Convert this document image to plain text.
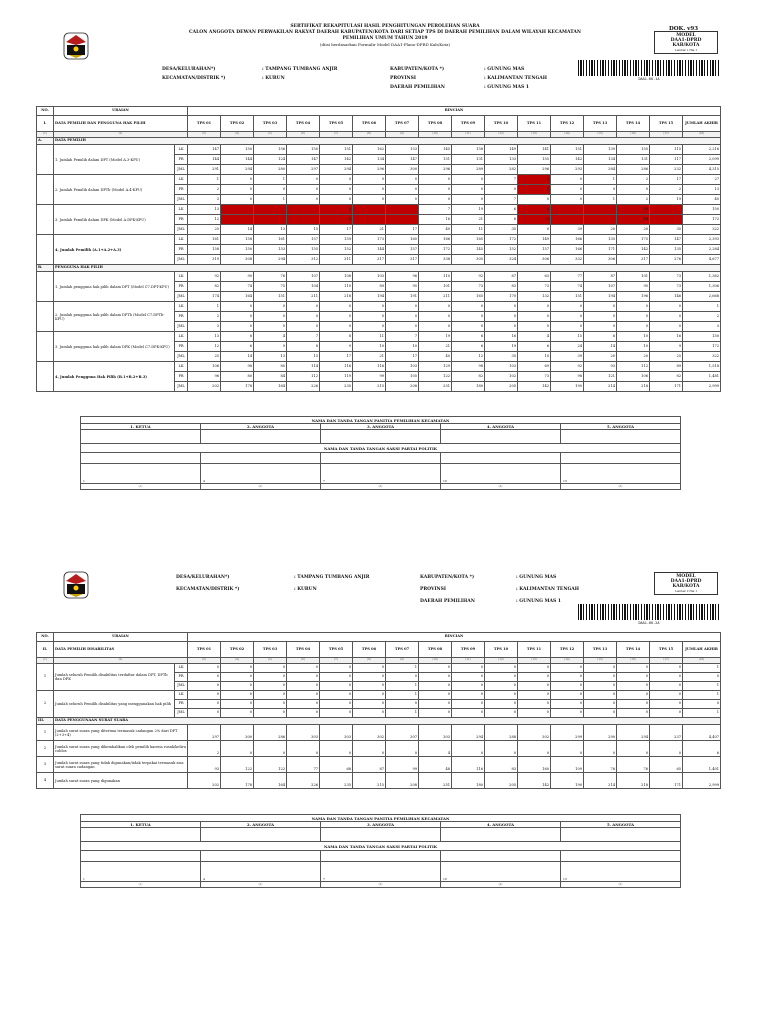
SERTIFIKAT REKAPITULASI HASIL PENGHITUNGAN PEROLEHAN SUARA
CALON ANGGOTA DEWAN PERWAKILAN RAKYAT DAERAH KABUPATEN/KOTA DARI SETIAP TPS DI DAERAH PEMILIHAN DALAM WILAYAH KECAMATAN
PEMILIHAN UMUM TAHUN 2019
(diisi berdasarkan Formulir Model DAA1-Plano-DPRD Kab/Kota)
DOK. v93
MODEL
DAA1-DPRD
KAB/KOTA
Lembar 1 Hal 1
DAA1-KK-1A
DESA/KELURAHAN*)	: TAMPANG TUMBANG ANJIR
KECAMATAN/DISTRIK *)	: KURUN
KABUPATEN/KOTA *)	: GUNUNG MAS
PROVINSI	: KALIMANTAN TENGAH
DAERAH PEMILIHAN	: GUNUNG MAS 1
NO.	URAIAN		RINCIAN															
I.	DATA PEMILIH DAN PENGGUNA HAK PILIH		TPS 01	TPS 02	TPS 03	TPS 04	TPS 05	TPS 06	TPS 07	TPS 08	TPS 09	TPS 10	TPS 11	TPS 12	TPS 13	TPS 14	TPS 15	JUMLAH AKHIR
(1)	(2)		(3)	(4)	(5)	(6)	(7)	(8)	(9)	(10)	(11)	(12)	(13)	(14)	(15)	(16)	(17)	(18)
A.	DATA PEMILIH																	
	1. Jumlah Pemilih dalam DPT (Model A.3-KPU)	LK	147	150	156	150	151	162	153	145	158	149	141	151	139	155	115	2,216
		PR	144	144	124	147	142	134	147	151	131	133	155	142	134	131	117	2,099
		JML	291	294	280	297	294	296	300	296	289	282	296	293	284	286	232	4,315
	2. Jumlah Pemilih dalam DPTb (Model A.4-KPU)	LK	1	0	1	0	0	0	0	0	0	7	0	0	1	2	17	27
		PR	2	0	0	0	0	0	0	0	0	0	0	0	0	0	2	13
		JML	3	0	1	0	0	0	0	0	0	7	0	0	1	2	19	40
	3. Jumlah Pemilih dalam DPK (Model A.DPK-KPU)	LK	13				8			7	19	6	16			16		150
		PR	12				9			16	21	6	19			16		172
		JML	25	14	13	15	17	21	17	40	11	35	0	39	20	20	35	322
	4. Jumlah Pemilih (A.1+A.2+A.3)	LK	161	158	161	157	159	173	160	166	165	172	149	166	135	175	147	2,393
		PR	158	150	133	155	152	144	157	172	145	152	157	166	171	142	135	2,284
		JML	319	308	294	312	311	317	317	338	305	324	306	332	306	317	276	4,677
B.	PENGGUNA HAK PILIH																	
	1. Jumlah pengguna hak pilih dalam DPT (Model C7.DPT-KPU)	LK	92	90	76	107	108	103	96	110	92	87	63	77	87	101	73	1,362
		PR	82	74	75	104	110	89	95	101	73	83	73	74	107	95	73	1,306
		JML	174	164	151	211	218	194	191	211	165	170	132	151	194	196	146	2,668
	2. Jumlah pengguna hak pilih dalam DPTb (Model C7.DPTb-KPU)	LK	1	0	0	0	0	0	0	0	0	0	0	0	0	0	0	1
		PR	2	0	0	0	0	0	0	0	0	0	0	0	0	0	0	2
		JML	3	0	0	0	0	0	0	0	0	0	0	0	0	0	0	3
	3. Jumlah pengguna hak pilih dalam DPK (Model C7.DPK-KPU)	LK	13	8	4	7	8	11	7	19	6	16	4	15	6	10	16	150
		PR	12	6	9	8	9	10	10	21	6	19	6	24	14	10	9	172
		JML	25	14	13	15	17	21	17	40	12	35	10	39	20	20	25	322
	4. Jumlah Pengguna Hak Pilih (B.1+B.2+B.3)	LK	106	98	80	114	116	116	103	129	98	103	69	92	93	112	89	1,518
		PR	96	80	84	112	119	99	105	122	82	102	73	98	121	106	82	1,481
		JML	202	178	164	226	235	215	208	251	180	205	142	190	214	218	171	2,999
NAMA DAN TANDA TANGAN PANITIA PEMILIHAN KECAMATAN				
1. KETUA	2. ANGGOTA	3. ANGGOTA	4. ANGGOTA	5. ANGGOTA

NAMA DAN TANDA TANGAN SAKSI PARTAI POLITIK				

1	4	7	10	13
(1)	(2)	(3)	(4)	(5)
DESA/KELURAHAN*)	: TAMPANG TUMBANG ANJIR
KECAMATAN/DISTRIK *)	: KURUN
KABUPATEN/KOTA *)	: GUNUNG MAS
PROVINSI	: KALIMANTAN TENGAH
DAERAH PEMILIHAN	: GUNUNG MAS 1
MODEL
DAA1-DPRD
KAB/KOTA
Lembar 2 Hal 1
DAA1-KK-2A
NO.	URAIAN		RINCIAN															
II.	DATA PEMILIH DISABILITAS		TPS 01	TPS 02	TPS 03	TPS 04	TPS 05	TPS 06	TPS 07	TPS 08	TPS 09	TPS 10	TPS 11	TPS 12	TPS 13	TPS 14	TPS 15	JUMLAH AKHIR
(1)	(2)		(3)	(4)	(5)	(6)	(7)	(8)	(9)	(10)	(11)	(12)	(13)	(14)	(15)	(16)	(17)	(18)
1	Jumlah seluruh Pemilih disabilitas terdaftar dalam DPT, DPTb dan DPK	LK	0	0	0	0	0	0	1	0	0	0	0	0	0	0	0	1
		PR	0	0	0	0	0	0	0	0	0	0	0	0	0	0	0	0
		JML	0	0	0	0	0	0	1	0	0	0	0	0	0	0	0	1
2	Jumlah seluruh Pemilih disabilitas yang menggunakan hak pilih	LK	0	0	0	0	0	0	1	0	0	0	0	0	0	0	0	1
		PR	0	0	0	0	0	0	0	0	0	0	0	0	0	0	0	0
		JML	0	0	0	0	0	0	1	0	0	0	0	0	0	0	0	1
III.	DATA PENGGUNAAN SURAT SUARA																	
1	Jumlah surat suara yang diterima termasuk cadangan 2% dari DPT (2+3+4)		297	300	286	303	303	302	307	303	294	288	302	299	290	294	237	4,407
2	Jumlah surat suara yang dikembalikan oleh pemilih karena rusak/keliru coblos		2	0	0	0	0	0	0	4	0	0	0	0	0	0	0	6
3	Jumlah surat suara yang tidak digunakan/tidak terpakai termasuk sisa surat suara cadangan		93	122	122	77	68	87	99	48	116	83	160	109	76	76	65	1,401
4	Jumlah surat suara yang digunakan		202	178	164	226	235	215	208	251	180	205	142	190	214	218	171	2,999
NAMA DAN TANDA TANGAN PANITIA PEMILIHAN KECAMATAN				
1. KETUA	2. ANGGOTA	3. ANGGOTA	4. ANGGOTA	5. ANGGOTA

NAMA DAN TANDA TANGAN SAKSI PARTAI POLITIK				

1	4	7	10	13
(1)	(2)	(3)	(4)	(5)
